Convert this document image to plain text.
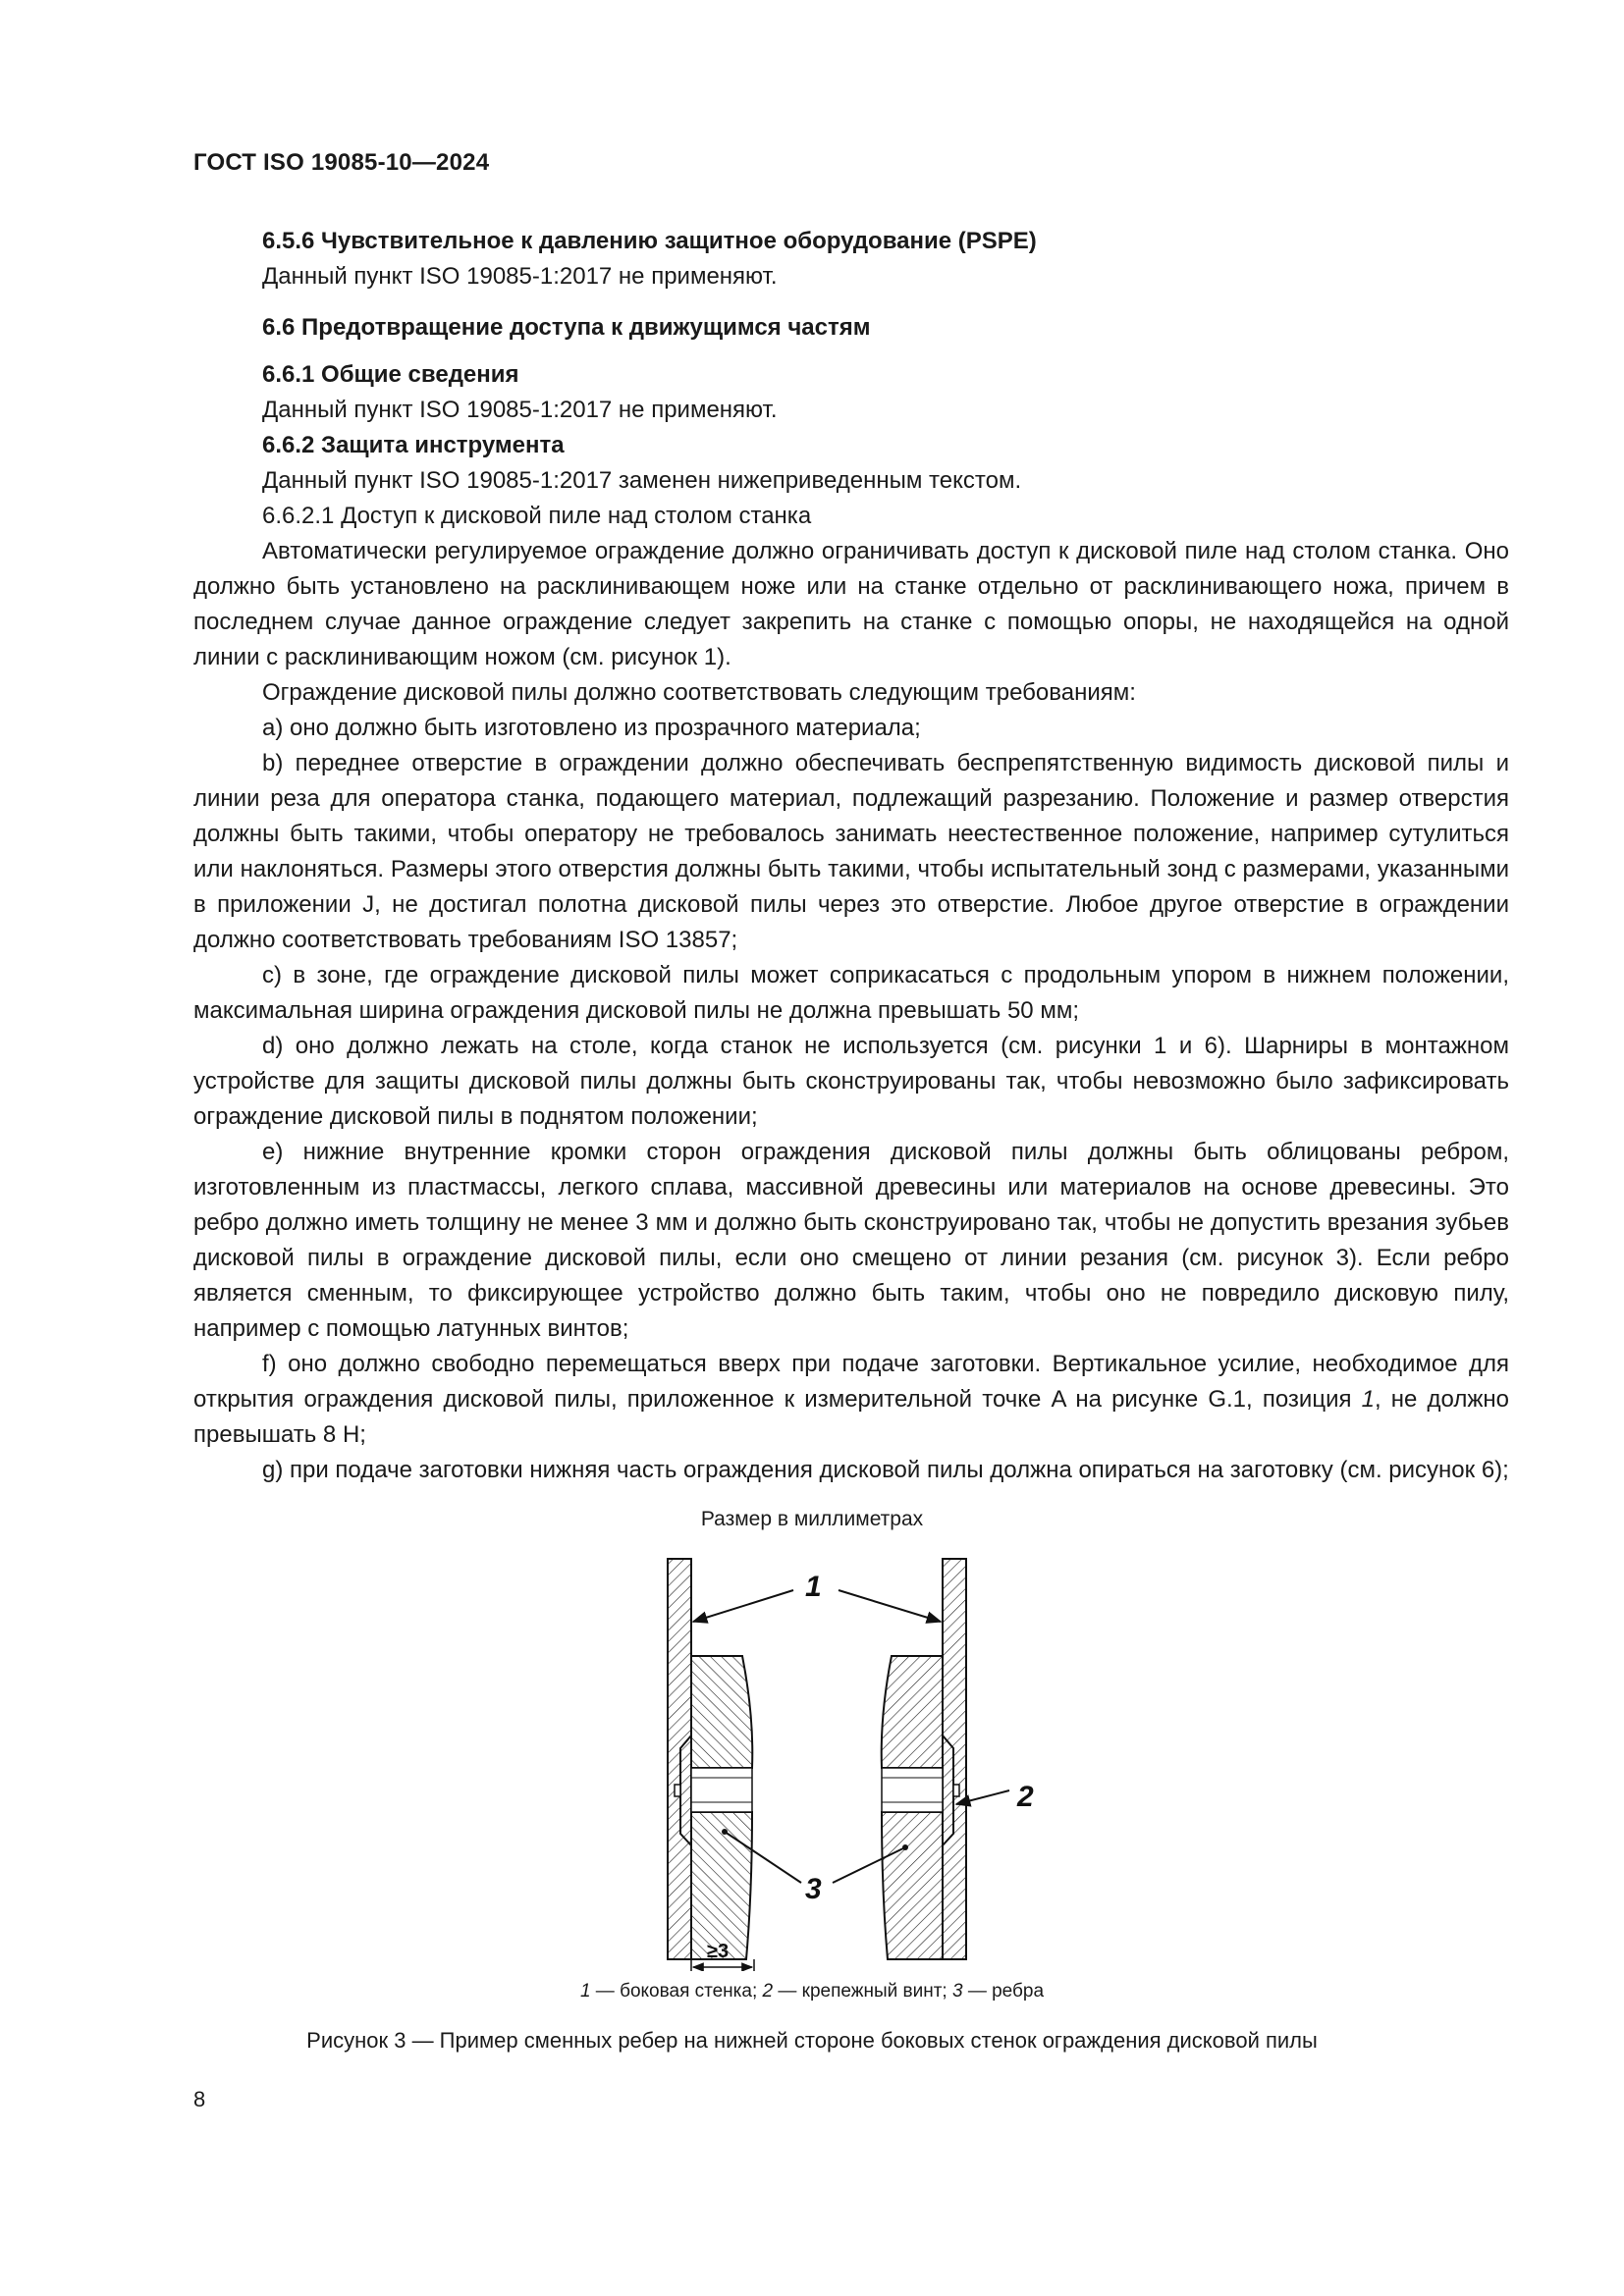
ГОСТ ISO 19085-10—2024

6.5.6 Чувствительное к давлению защитное оборудование (PSPE)

Данный пункт ISO 19085-1:2017 не применяют.

6.6 Предотвращение доступа к движущимся частям

6.6.1 Общие сведения

Данный пункт ISO 19085-1:2017 не применяют.

6.6.2 Защита инструмента

Данный пункт ISO 19085-1:2017 заменен нижеприведенным текстом.

6.6.2.1 Доступ к дисковой пиле над столом станка

Автоматически регулируемое ограждение должно ограничивать доступ к дисковой пиле над столом станка. Оно должно быть установлено на расклинивающем ноже или на станке отдельно от расклинивающего ножа, причем в последнем случае данное ограждение следует закрепить на станке с помощью опоры, не находящейся на одной линии с расклинивающим ножом (см. рисунок 1).

Ограждение дисковой пилы должно соответствовать следующим требованиям:

a) оно должно быть изготовлено из прозрачного материала;

b) переднее отверстие в ограждении должно обеспечивать беспрепятственную видимость дисковой пилы и линии реза для оператора станка, подающего материал, подлежащий разрезанию. Положение и размер отверстия должны быть такими, чтобы оператору не требовалось занимать неестественное положение, например сутулиться или наклоняться. Размеры этого отверстия должны быть такими, чтобы испытательный зонд с размерами, указанными в приложении J, не достигал полотна дисковой пилы через это отверстие. Любое другое отверстие в ограждении должно соответствовать требованиям ISO 13857;

c) в зоне, где ограждение дисковой пилы может соприкасаться с продольным упором в нижнем положении, максимальная ширина ограждения дисковой пилы не должна превышать 50 мм;

d) оно должно лежать на столе, когда станок не используется (см. рисунки 1 и 6). Шарниры в монтажном устройстве для защиты дисковой пилы должны быть сконструированы так, чтобы невозможно было зафиксировать ограждение дисковой пилы в поднятом положении;

e) нижние внутренние кромки сторон ограждения дисковой пилы должны быть облицованы ребром, изготовленным из пластмассы, легкого сплава, массивной древесины или материалов на основе древесины. Это ребро должно иметь толщину не менее 3 мм и должно быть сконструировано так, чтобы не допустить врезания зубьев дисковой пилы в ограждение дисковой пилы, если оно смещено от линии резания (см. рисунок 3). Если ребро является сменным, то фиксирующее устройство должно быть таким, чтобы оно не повредило дисковую пилу, например с помощью латунных винтов;

f) оно должно свободно перемещаться вверх при подаче заготовки. Вертикальное усилие, необходимое для открытия ограждения дисковой пилы, приложенное к измерительной точке A на рисунке G.1, позиция 1, не должно превышать 8 Н;

g) при подаче заготовки нижняя часть ограждения дисковой пилы должна опираться на заготовку (см. рисунок 6);

Размер в миллиметрах
1
2
3
≥3
1 — боковая стенка; 2 — крепежный винт; 3 — ребра
Рисунок 3 — Пример сменных ребер на нижней стороне боковых стенок ограждения дисковой пилы
8
